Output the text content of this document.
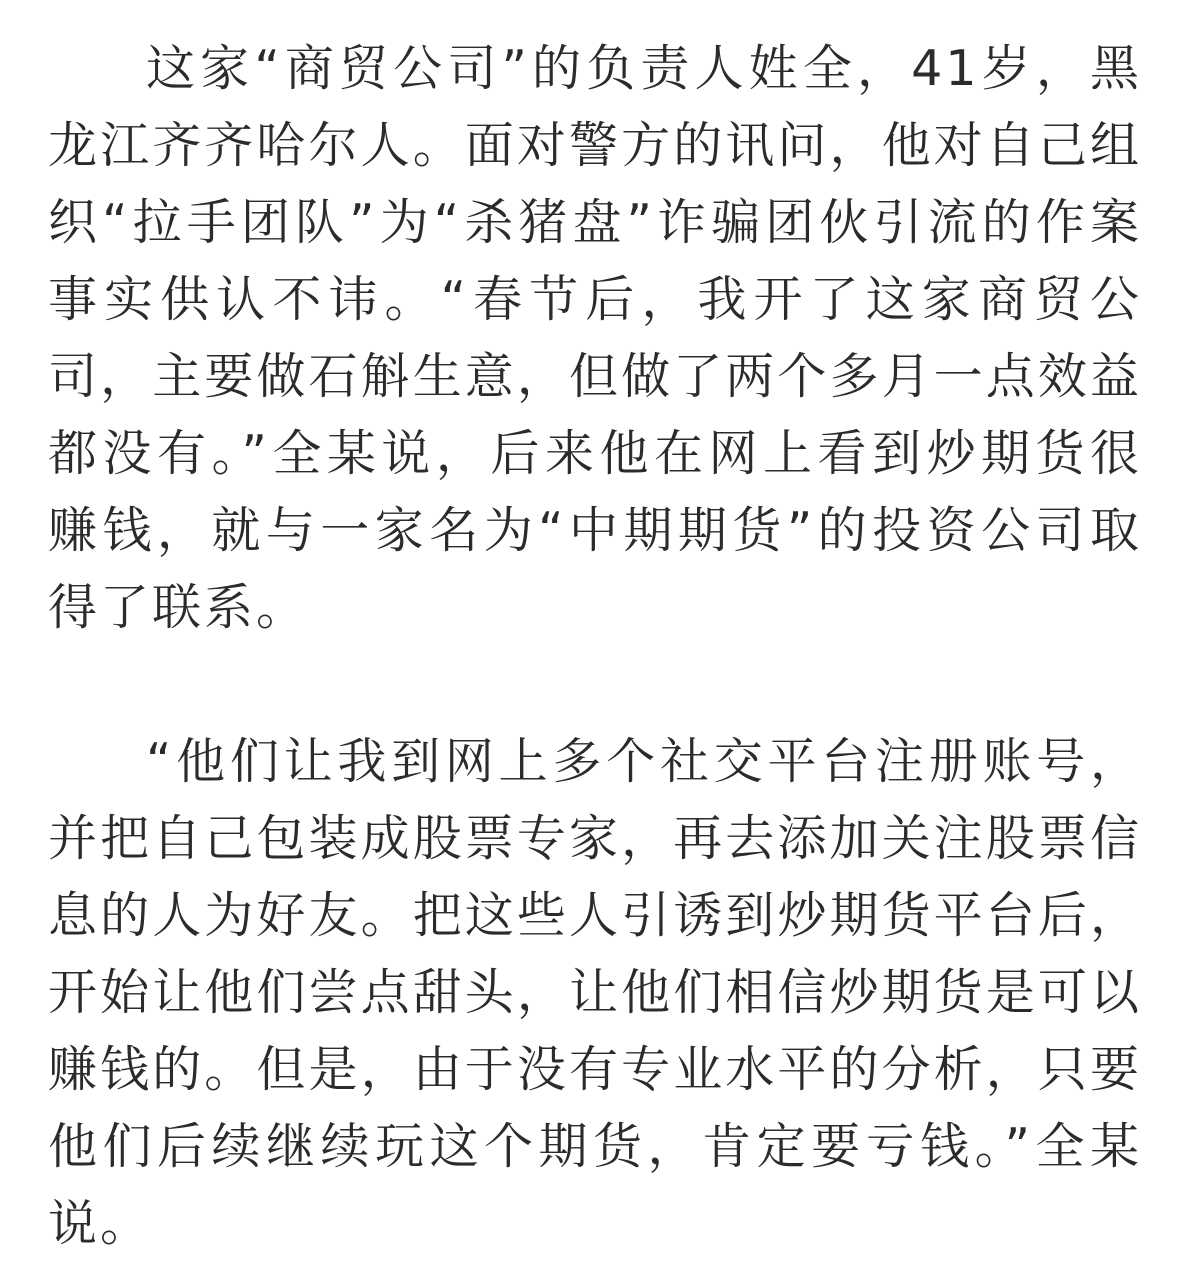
这家“商贸公司”的负责人姓全，41岁，黑龙江齐齐哈尔人。面对警方的讯问，他对自己组织“拉手团队”为“杀猪盘”诈骗团伙引流的作案事实供认不讳。“春节后，我开了这家商贸公司，主要做石斛生意，但做了两个多月一点效益都没有。”全某说，后来他在网上看到炒期货很赚钱，就与一家名为“中期期货”的投资公司取得了联系。

“他们让我到网上多个社交平台注册账号，并把自己包装成股票专家，再去添加关注股票信息的人为好友。把这些人引诱到炒期货平台后，开始让他们尝点甜头，让他们相信炒期货是可以赚钱的。但是，由于没有专业水平的分析，只要他们后续继续玩这个期货，肯定要亏钱。”全某说。
